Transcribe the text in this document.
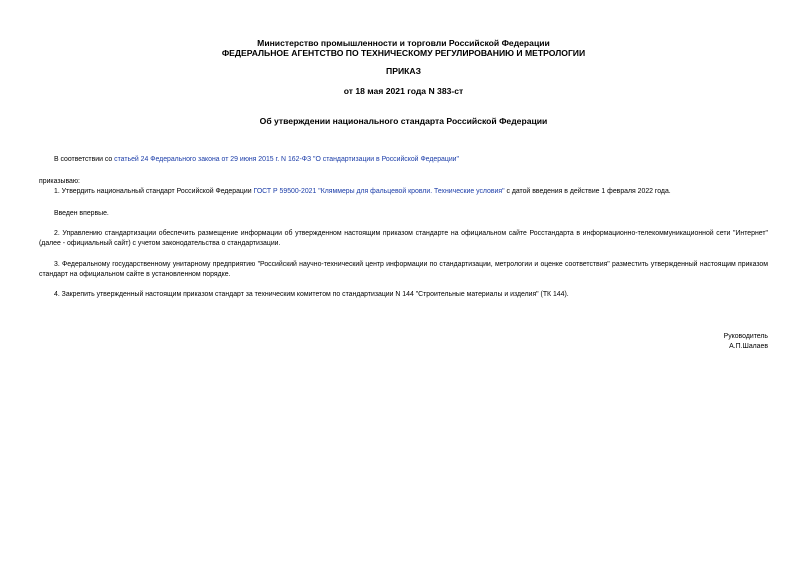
Министерство промышленности и торговли Российской Федерации
ФЕДЕРАЛЬНОЕ АГЕНТСТВО ПО ТЕХНИЧЕСКОМУ РЕГУЛИРОВАНИЮ И МЕТРОЛОГИИ
ПРИКАЗ
от 18 мая 2021 года N 383-ст
Об утверждении национального стандарта Российской Федерации
В соответствии со статьей 24 Федерального закона от 29 июня 2015 г. N 162-ФЗ "О стандартизации в Российской Федерации"
приказываю:
1. Утвердить национальный стандарт Российской Федерации ГОСТ Р 59500-2021 "Кляммеры для фальцевой кровли. Технические условия" с датой введения в действие 1 февраля 2022 года.
Введен впервые.
2. Управлению стандартизации обеспечить размещение информации об утвержденном настоящим приказом стандарте на официальном сайте Росстандарта в информационно-телекоммуникационной сети "Интернет" (далее - официальный сайт) с учетом законодательства о стандартизации.
3. Федеральному государственному унитарному предприятию "Российский научно-технический центр информации по стандартизации, метрологии и оценке соответствия" разместить утвержденный настоящим приказом стандарт на официальном сайте в установленном порядке.
4. Закрепить утвержденный настоящим приказом стандарт за техническим комитетом по стандартизации N 144 "Строительные материалы и изделия" (ТК 144).
Руководитель
А.П.Шалаев
